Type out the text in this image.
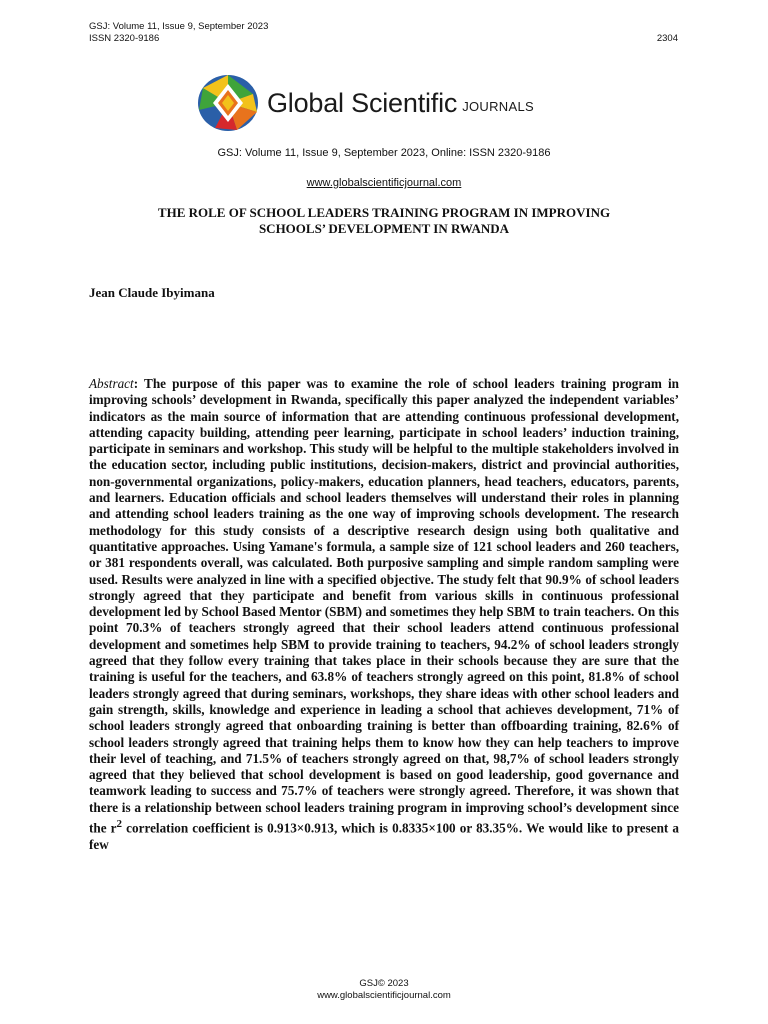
GSJ: Volume 11, Issue 9, September 2023
ISSN 2320-9186	2304
Global Scientific JOURNALS
GSJ: Volume 11, Issue 9, September 2023, Online: ISSN 2320-9186
www.globalscientificjournal.com
THE ROLE OF SCHOOL LEADERS TRAINING PROGRAM IN IMPROVING
SCHOOLS’ DEVELOPMENT IN RWANDA
Jean Claude Ibyimana

Abstract: The purpose of this paper was to examine the role of school leaders training program in improving schools’ development in Rwanda, specifically this paper analyzed the independent variables’ indicators as the main source of information that are attending continuous professional development, attending capacity building, attending peer learning, participate in school leaders’ induction training, participate in seminars and workshop. This study will be helpful to the multiple stakeholders involved in the education sector, including public institutions, decision-makers, district and provincial authorities, non-governmental organizations, policy-makers, education planners, head teachers, educators, parents, and learners. Education officials and school leaders themselves will understand their roles in planning and attending school leaders training as the one way of improving schools development. The research methodology for this study consists of a descriptive research design using both qualitative and quantitative approaches. Using Yamane's formula, a sample size of 121 school leaders and 260 teachers, or 381 respondents overall, was calculated. Both purposive sampling and simple random sampling were used. Results were analyzed in line with a specified objective. The study felt that 90.9% of school leaders strongly agreed that they participate and benefit from various skills in continuous professional development led by School Based Mentor (SBM) and sometimes they help SBM to train teachers. On this point 70.3% of teachers strongly agreed that their school leaders attend continuous professional development and sometimes help SBM to provide training to teachers, 94.2% of school leaders strongly agreed that they follow every training that takes place in their schools because they are sure that the training is useful for the teachers, and 63.8% of teachers strongly agreed on this point, 81.8% of school leaders strongly agreed that during seminars, workshops, they share ideas with other school leaders and gain strength, skills, knowledge and experience in leading a school that achieves development, 71% of school leaders strongly agreed that onboarding training is better than offboarding training, 82.6% of school leaders strongly agreed that training helps them to know how they can help teachers to improve their level of teaching, and 71.5% of teachers strongly agreed on that, 98,7% of school leaders strongly agreed that they believed that school development is based on good leadership, good governance and teamwork leading to success and 75.7% of teachers were strongly agreed. Therefore, it was shown that there is a relationship between school leaders training program in improving school’s development since the $r^2$ correlation coefficient is 0.913×0.913, which is 0.8335×100 or 83.35%. We would like to present a few

GSJ© 2023
www.globalscientificjournal.com
